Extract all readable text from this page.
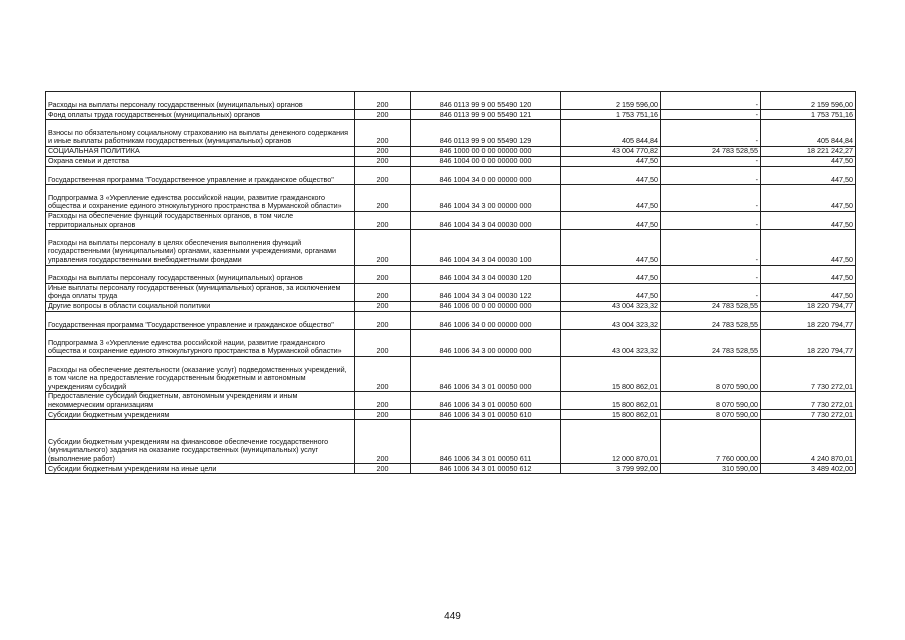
Расходы на выплаты персоналу государственных (муниципальных) органов	200	846 0113 99 9 00 55490 120	2 159 596,00	-	2 159 596,00
Фонд оплаты труда государственных (муниципальных) органов	200	846 0113 99 9 00 55490 121	1 753 751,16	-	1 753 751,16
Взносы по обязательному социальному страхованию на выплаты денежного содержания и иные выплаты работникам государственных (муниципальных) органов	200	846 0113 99 9 00 55490 129	405 844,84	-	405 844,84
СОЦИАЛЬНАЯ ПОЛИТИКА	200	846 1000 00 0 00 00000 000	43 004 770,82	24 783 528,55	18 221 242,27
Охрана семьи и детства	200	846 1004 00 0 00 00000 000	447,50	-	447,50
Государственная программа "Государственное управление и гражданское общество"	200	846 1004 34 0 00 00000 000	447,50	-	447,50
Подпрограмма 3 «Укрепление единства российской нации, развитие гражданского общества и сохранение единого этнокультурного пространства в Мурманской области»	200	846 1004 34 3 00 00000 000	447,50	-	447,50
Расходы на обеспечение функций государственных органов, в том числе территориальных органов	200	846 1004 34 3 04 00030 000	447,50	-	447,50
Расходы на выплаты персоналу в целях обеспечения выполнения функций государственными (муниципальными) органами, казенными учреждениями, органами управления государственными внебюджетными фондами	200	846 1004 34 3 04 00030 100	447,50	-	447,50
Расходы на выплаты персоналу государственных (муниципальных) органов	200	846 1004 34 3 04 00030 120	447,50	-	447,50
Иные выплаты персоналу государственных (муниципальных) органов, за исключением фонда оплаты труда	200	846 1004 34 3 04 00030 122	447,50	-	447,50
Другие вопросы в области социальной политики	200	846 1006 00 0 00 00000 000	43 004 323,32	24 783 528,55	18 220 794,77
Государственная программа "Государственное управление и гражданское общество"	200	846 1006 34 0 00 00000 000	43 004 323,32	24 783 528,55	18 220 794,77
Подпрограмма 3 «Укрепление единства российской нации, развитие гражданского общества и сохранение единого этнокультурного пространства в Мурманской области»	200	846 1006 34 3 00 00000 000	43 004 323,32	24 783 528,55	18 220 794,77
Расходы на обеспечение деятельности (оказание услуг) подведомственных учреждений, в том числе на предоставление государственным бюджетным и автономным учреждениям субсидий	200	846 1006 34 3 01 00050 000	15 800 862,01	8 070 590,00	7 730 272,01
Предоставление субсидий бюджетным, автономным учреждениям и иным некоммерческим организациям	200	846 1006 34 3 01 00050 600	15 800 862,01	8 070 590,00	7 730 272,01
Субсидии бюджетным учреждениям	200	846 1006 34 3 01 00050 610	15 800 862,01	8 070 590,00	7 730 272,01
Субсидии бюджетным учреждениям на финансовое обеспечение государственного (муниципального) задания на оказание государственных (муниципальных) услуг (выполнение работ)	200	846 1006 34 3 01 00050 611	12 000 870,01	7 760 000,00	4 240 870,01
Субсидии бюджетным учреждениям на иные цели	200	846 1006 34 3 01 00050 612	3 799 992,00	310 590,00	3 489 402,00
449
